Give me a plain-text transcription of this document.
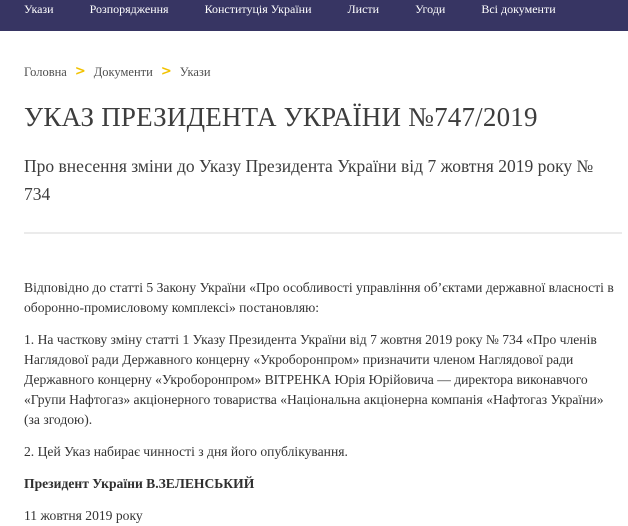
Укази	Розпорядження	Конституція України	Листи	Угоди	Всі документи
Головна > Документи > Укази
УКАЗ ПРЕЗИДЕНТА УКРАЇНИ №747/2019
Про внесення зміни до Указу Президента України від 7 жовтня 2019 року № 734

Відповідно до статті 5 Закону України «Про особливості управління об’єктами державної власності в оборонно-промисловому комплексі» постановляю:

1. На часткову зміну статті 1 Указу Президента України від 7 жовтня 2019 року № 734 «Про членів Наглядової ради Державного концерну «Укроборонпром» призначити членом Наглядової ради Державного концерну «Укроборонпром» ВІТРЕНКА Юрія Юрійовича — директора виконавчого «Групи Нафтогаз» акціонерного товариства «Національна акціонерна компанія «Нафтогаз України» (за згодою).

2. Цей Указ набирає чинності з дня його опублікування.

Президент України В.ЗЕЛЕНСЬКИЙ

11 жовтня 2019 року
